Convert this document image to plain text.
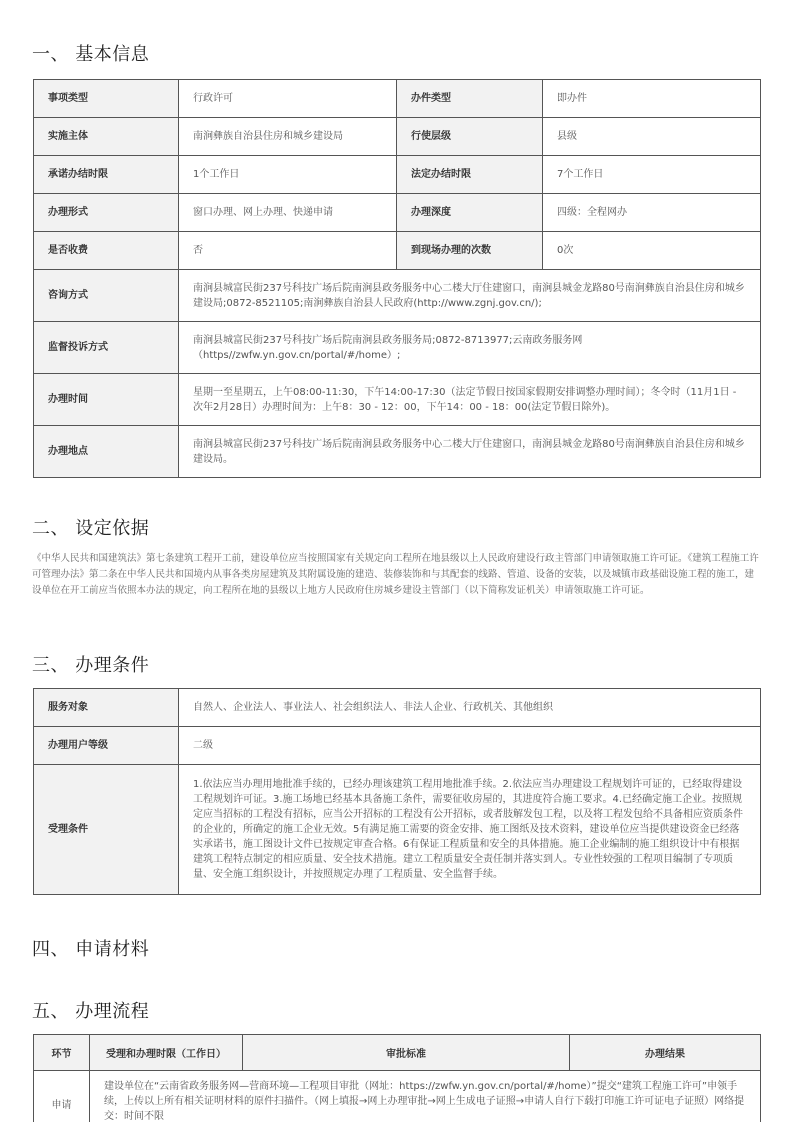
一、 基本信息
事项类型	行政许可	办件类型	即办件
实施主体	南涧彝族自治县住房和城乡建设局	行使层级	县级
承诺办结时限	1个工作日	法定办结时限	7个工作日
办理形式	窗口办理、网上办理、快递申请	办理深度	四级：全程网办
是否收费	否	到现场办理的次数	0次
咨询方式	南涧县城富民街237号科技广场后院南涧县政务服务中心二楼大厅住建窗口，南涧县城金龙路80号南涧彝族自治县住房和城乡建设局;0872-8521105;南涧彝族自治县人民政府(http://www.zgnj.gov.cn/);		
监督投诉方式	南涧县城富民街237号科技广场后院南涧县政务服务局;0872-8713977;云南政务服务网（https//zwfw.yn.gov.cn/portal/#/home）;		
办理时间	星期一至星期五，上午08:00-11:30，下午14:00-17:30（法定节假日按国家假期安排调整办理时间）；冬令时（11月1日 - 次年2月28日）办理时间为：上午8：30 - 12：00，下午14：00 - 18：00(法定节假日除外)。		
办理地点	南涧县城富民街237号科技广场后院南涧县政务服务中心二楼大厅住建窗口，南涧县城金龙路80号南涧彝族自治县住房和城乡建设局。		
二、 设定依据
《中华人民共和国建筑法》第七条建筑工程开工前，建设单位应当按照国家有关规定向工程所在地县级以上人民政府建设行政主管部门申请领取施工许可证。《建筑工程施工许可管理办法》第二条在中华人民共和国境内从事各类房屋建筑及其附属设施的建造、装修装饰和与其配套的线路、管道、设备的安装，以及城镇市政基础设施工程的施工，建设单位在开工前应当依照本办法的规定，向工程所在地的县级以上地方人民政府住房城乡建设主管部门（以下简称发证机关）申请领取施工许可证。
三、 办理条件
服务对象	自然人、企业法人、事业法人、社会组织法人、非法人企业、行政机关、其他组织
办理用户等级	二级
受理条件	1.依法应当办理用地批准手续的，已经办理该建筑工程用地批准手续。2.依法应当办理建设工程规划许可证的，已经取得建设工程规划许可证。3.施工场地已经基本具备施工条件，需要征收房屋的，其进度符合施工要求。4.已经确定施工企业。按照规定应当招标的工程没有招标，应当公开招标的工程没有公开招标，或者肢解发包工程，以及将工程发包给不具备相应资质条件的企业的，所确定的施工企业无效。5有满足施工需要的资金安排、施工图纸及技术资料，建设单位应当提供建设资金已经落实承诺书，施工图设计文件已按规定审查合格。6有保证工程质量和安全的具体措施。施工企业编制的施工组织设计中有根据建筑工程特点制定的相应质量、安全技术措施。建立工程质量安全责任制并落实到人。专业性较强的工程项目编制了专项质量、安全施工组织设计，并按照规定办理了工程质量、安全监督手续。
四、 申请材料
五、 办理流程
环节	受理和办理时限（工作日）	审批标准	办理结果
申请	建设单位在“云南省政务服务网—营商环境—工程项目审批（网址：https://zwfw.yn.gov.cn/portal/#/home）”提交“建筑工程施工许可”申领手续，上传以上所有相关证明材料的原件扫描件。（网上填报→网上办理审批→网上生成电子证照→申请人自行下载打印施工许可证电子证照）网络提交：时间不限		
